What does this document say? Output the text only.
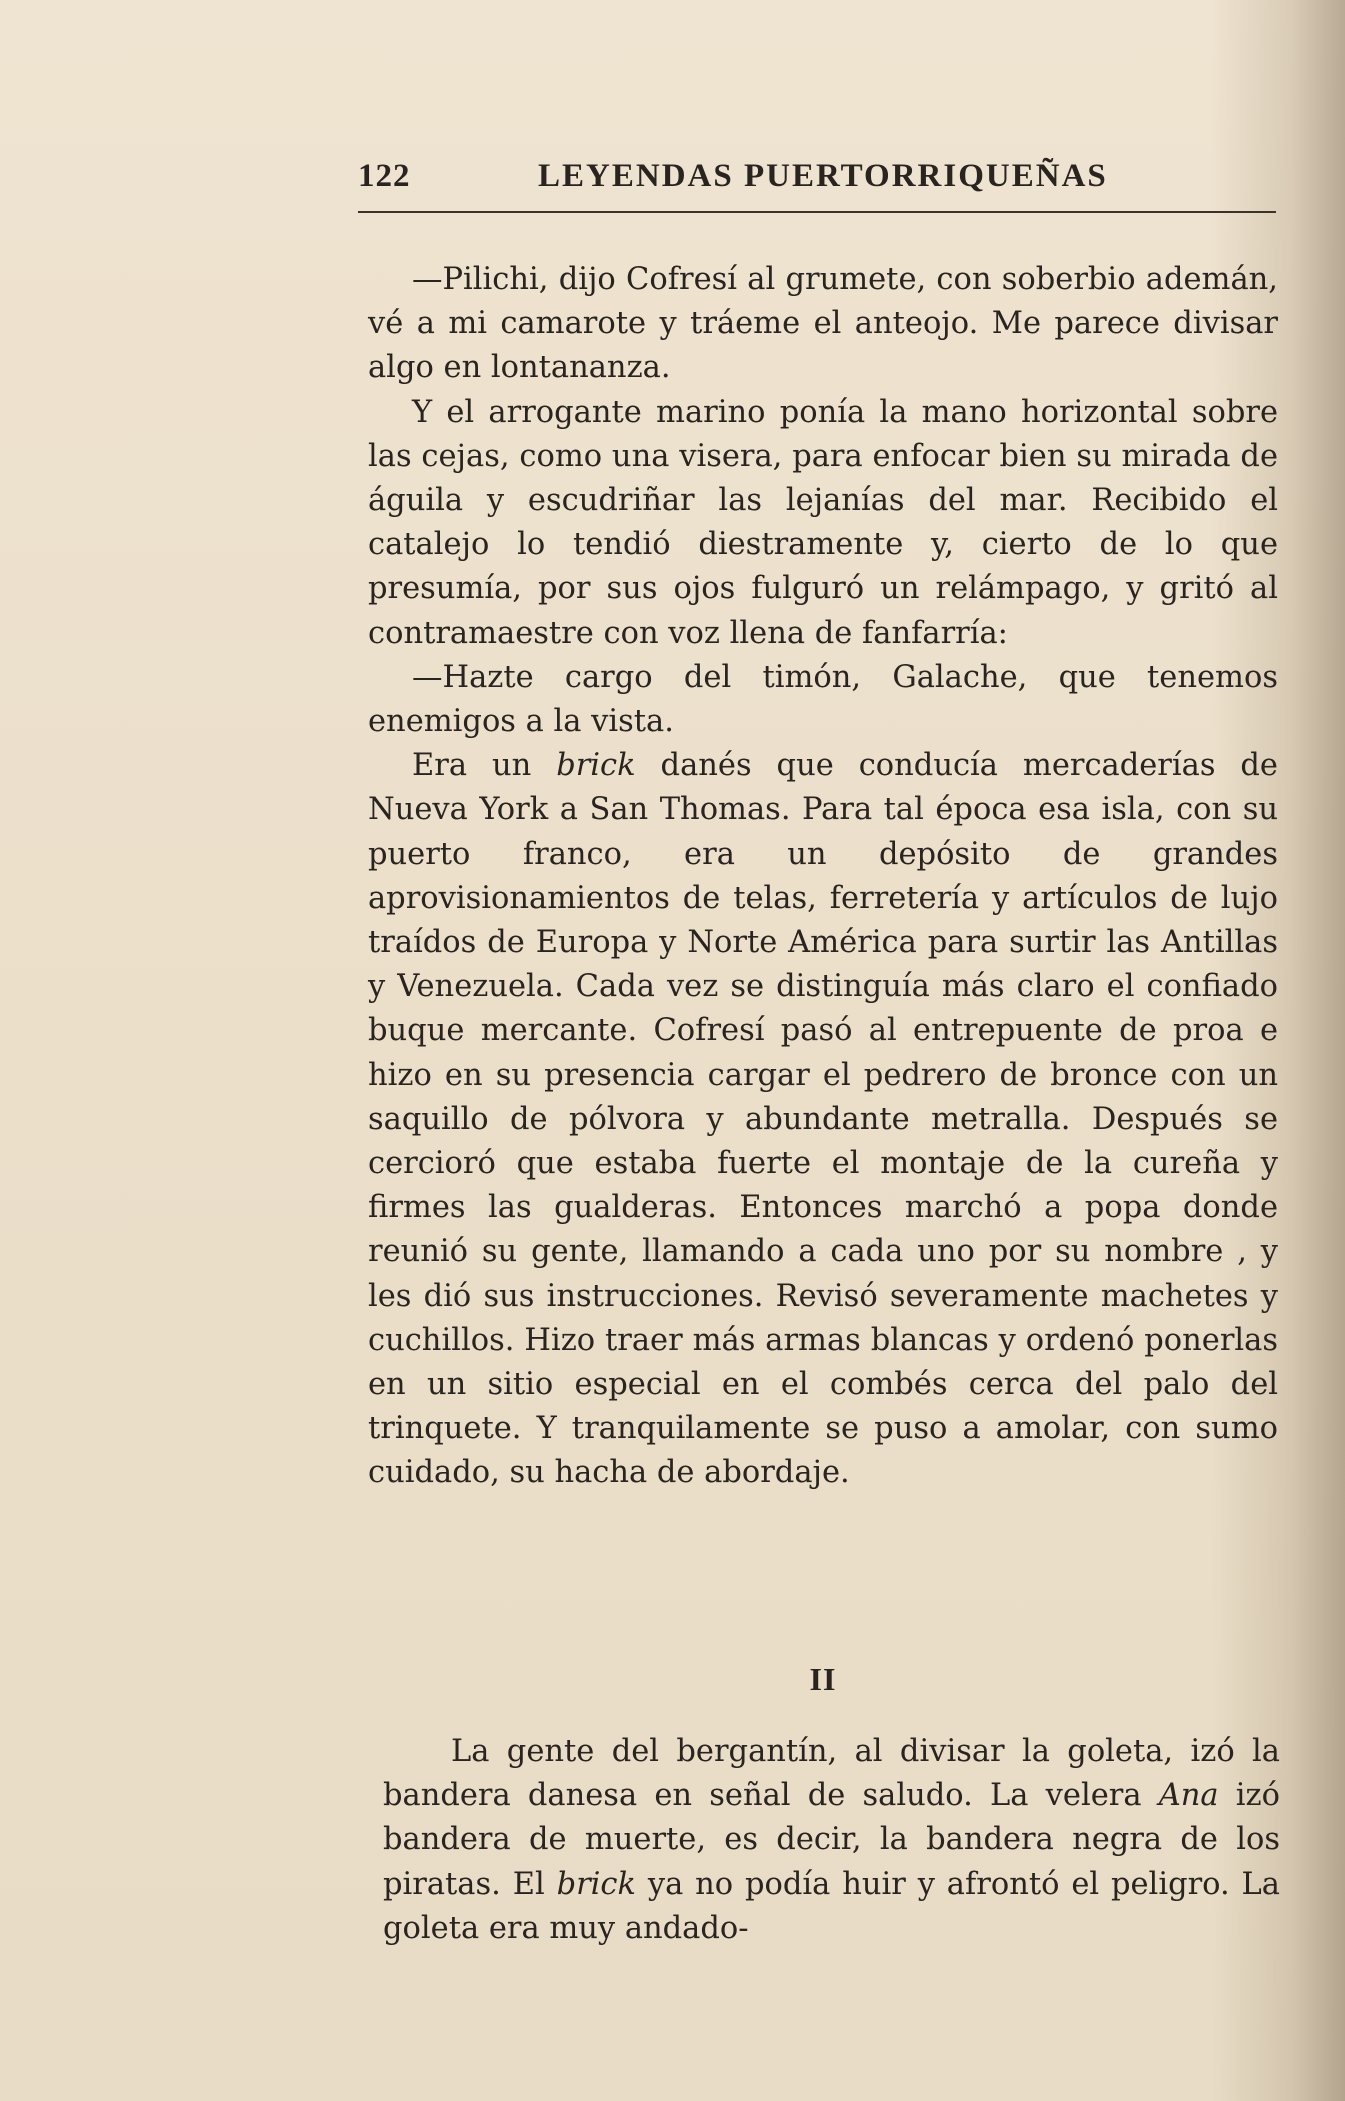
122	LEYENDAS PUERTORRIQUEÑAS

—Pilichi, dijo Cofresí al grumete, con soberbio ademán, vé a mi camarote y tráeme el anteojo. Me parece divisar algo en lontananza.

Y el arrogante marino ponía la mano horizontal sobre las cejas, como una visera, para enfocar bien su mirada de águila y escudriñar las lejanías del mar. Recibido el catalejo lo tendió diestramente y, cierto de lo que presumía, por sus ojos fulguró un relámpago, y gritó al contramaestre con voz llena de fanfarría:

—Hazte cargo del timón, Galache, que tenemos enemigos a la vista.

Era un brick danés que conducía mercaderías de Nueva York a San Thomas. Para tal época esa isla, con su puerto franco, era un depósito de grandes aprovisionamientos de telas, ferretería y artículos de lujo traídos de Europa y Norte América para surtir las Antillas y Venezuela. Cada vez se distinguía más claro el confiado buque mercante. Cofresí pasó al entrepuente de proa e hizo en su presencia cargar el pedrero de bronce con un saquillo de pólvora y abundante metralla. Después se cercioró que estaba fuerte el montaje de la cureña y firmes las gualderas. Entonces marchó a popa donde reunió su gente, llamando a cada uno por su nombre , y les dió sus instrucciones. Revisó severamente machetes y cuchillos. Hizo traer más armas blancas y ordenó ponerlas en un sitio especial en el combés cerca del palo del trinquete. Y tranquilamente se puso a amolar, con sumo cuidado, su hacha de abordaje.

II

La gente del bergantín, al divisar la goleta, izó la bandera danesa en señal de saludo. La velera Ana izó bandera de muerte, es decir, la bandera negra de los piratas. El brick ya no podía huir y afrontó el peligro. La goleta era muy andado-
